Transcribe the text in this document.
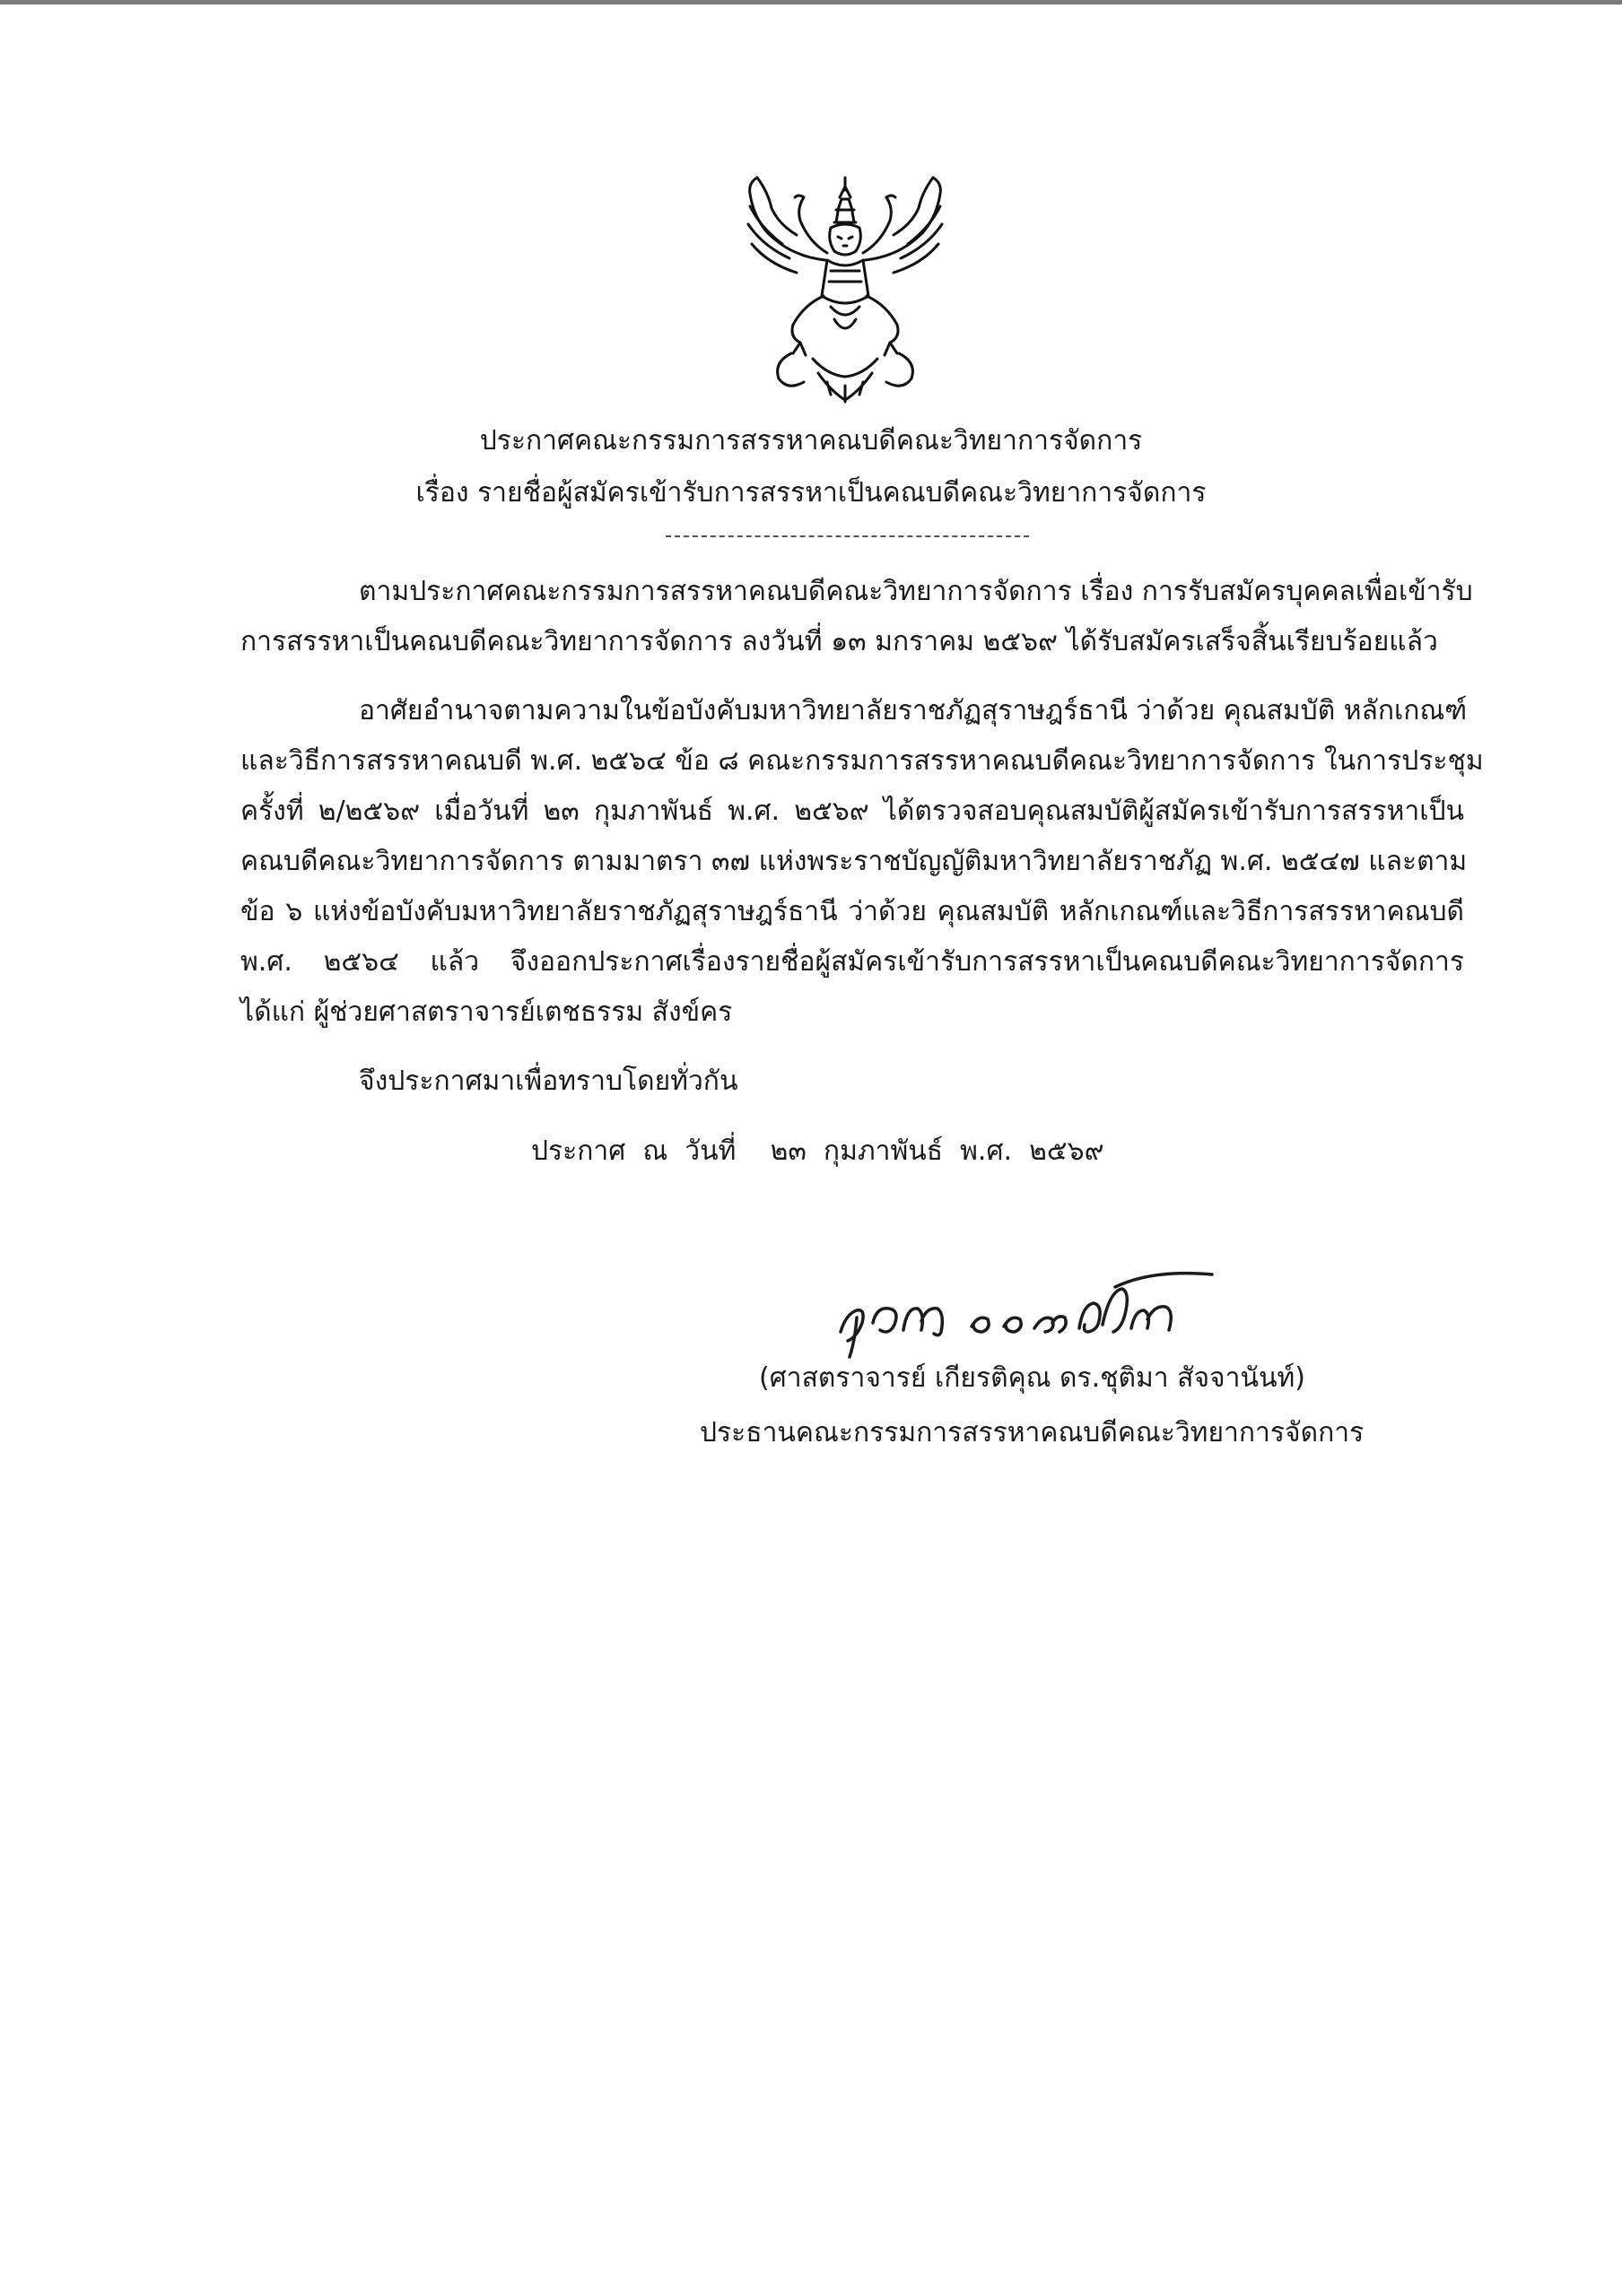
ประกาศคณะกรรมการสรรหาคณบดีคณะวิทยาการจัดการ
เรื่อง รายชื่อผู้สมัครเข้ารับการสรรหาเป็นคณบดีคณะวิทยาการจัดการ
ตามประกาศคณะกรรมการสรรหาคณบดีคณะวิทยาการจัดการ เรื่อง การรับสมัครบุคคลเพื่อเข้ารับ
การสรรหาเป็นคณบดีคณะวิทยาการจัดการ ลงวันที่ ๑๓ มกราคม ๒๕๖๙ ได้รับสมัครเสร็จสิ้นเรียบร้อยแล้ว
อาศัยอำนาจตามความในข้อบังคับมหาวิทยาลัยราชภัฏสุราษฎร์ธานี ว่าด้วย คุณสมบัติ หลักเกณฑ์
และวิธีการสรรหาคณบดี พ.ศ. ๒๕๖๔ ข้อ ๘ คณะกรรมการสรรหาคณบดีคณะวิทยาการจัดการ ในการประชุม
ครั้งที่ ๒/๒๕๖๙ เมื่อวันที่ ๒๓ กุมภาพันธ์ พ.ศ. ๒๕๖๙ ได้ตรวจสอบคุณสมบัติผู้สมัครเข้ารับการสรรหาเป็น
คณบดีคณะวิทยาการจัดการ ตามมาตรา ๓๗ แห่งพระราชบัญญัติมหาวิทยาลัยราชภัฏ พ.ศ. ๒๕๔๗ และตาม
ข้อ ๖ แห่งข้อบังคับมหาวิทยาลัยราชภัฏสุราษฎร์ธานี ว่าด้วย คุณสมบัติ หลักเกณฑ์และวิธีการสรรหาคณบดี
พ.ศ. ๒๕๖๔ แล้ว จึงออกประกาศเรื่องรายชื่อผู้สมัครเข้ารับการสรรหาเป็นคณบดีคณะวิทยาการจัดการ
ได้แก่ ผู้ช่วยศาสตราจารย์เตชธรรม สังข์คร
จึงประกาศมาเพื่อทราบโดยทั่วกัน
ประกาศ  ณ  วันที่    ๒๓  กุมภาพันธ์  พ.ศ.  ๒๕๖๙
(ศาสตราจารย์ เกียรติคุณ ดร.ชุติมา สัจจานันท์)
ประธานคณะกรรมการสรรหาคณบดีคณะวิทยาการจัดการ
